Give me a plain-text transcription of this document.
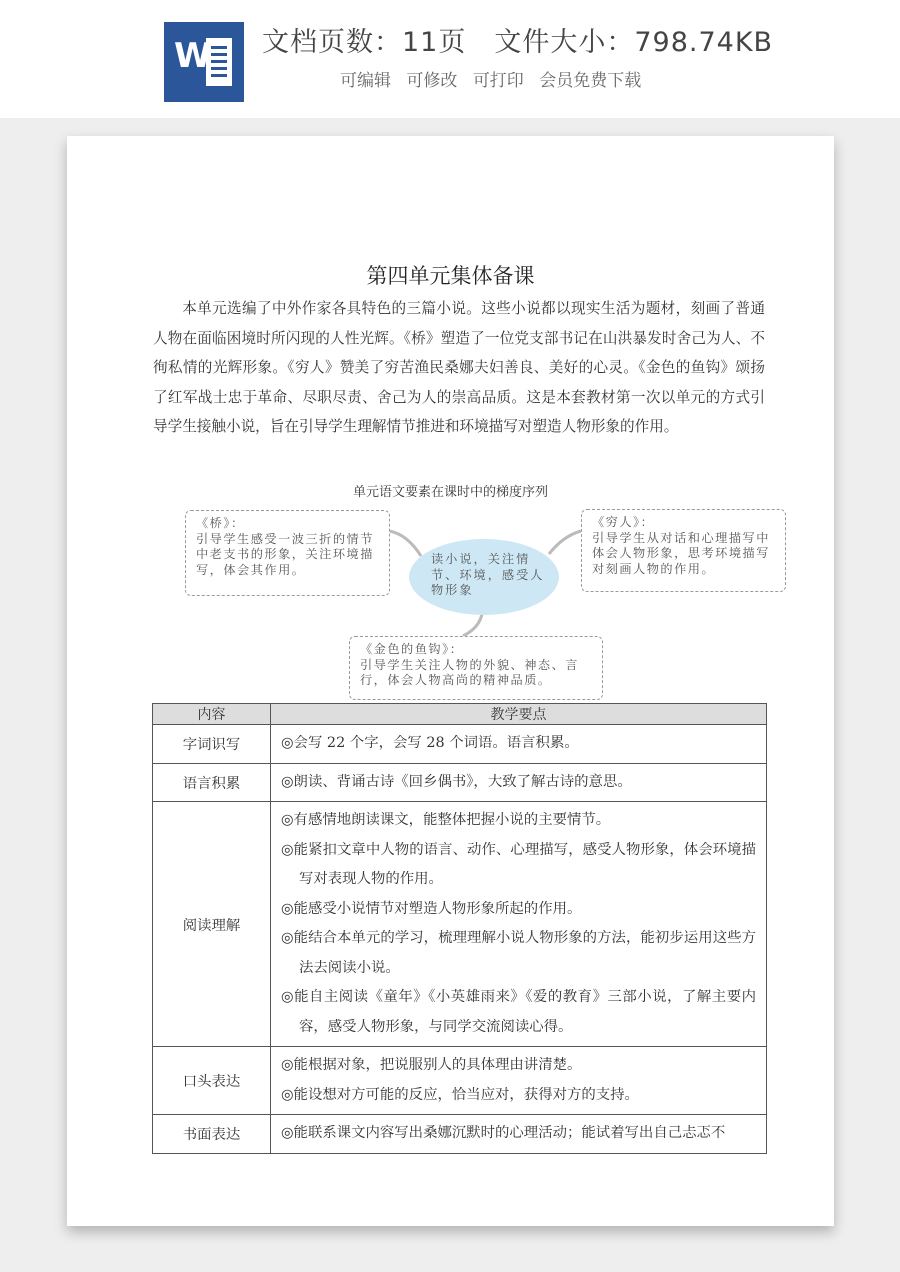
W 文档页数：11页 文件大小：798.74KB
可编辑 可修改 可打印 会员免费下载
第四单元集体备课

本单元选编了中外作家各具特色的三篇小说。这些小说都以现实生活为题材，刻画了普通人物在面临困境时所闪现的人性光辉。《桥》塑造了一位党支部书记在山洪暴发时舍己为人、不徇私情的光辉形象。《穷人》赞美了穷苦渔民桑娜夫妇善良、美好的心灵。《金色的鱼钩》颂扬了红军战士忠于革命、尽职尽责、舍己为人的崇高品质。这是本套教材第一次以单元的方式引导学生接触小说，旨在引导学生理解情节推进和环境描写对塑造人物形象的作用。

单元语文要素在课时中的梯度序列
《桥》：
引导学生感受一波三折的情节中老支书的形象，关注环境描写，体会其作用。
《穷人》：
引导学生从对话和心理描写中体会人物形象，思考环境描写对刻画人物的作用。
《金色的鱼钩》：
引导学生关注人物的外貌、神态、言行，体会人物高尚的精神品质。
读小说，关注情节、环境，感受人物形象
内容	教学要点
字词识写	◎会写 22 个字，会写 28 个词语。语言积累。

语言积累	◎朗读、背诵古诗《回乡偶书》，大致了解古诗的意思。

阅读理解	◎有感情地朗读课文，能整体把握小说的主要情节。
◎能紧扣文章中人物的语言、动作、心理描写，感受人物形象，体会环境描写对表现人物的作用。
◎能感受小说情节对塑造人物形象所起的作用。
◎能结合本单元的学习，梳理理解小说人物形象的方法，能初步运用这些方法去阅读小说。
◎能自主阅读《童年》《小英雄雨来》《爱的教育》三部小说，了解主要内容，感受人物形象，与同学交流阅读心得。

口头表达	◎能根据对象，把说服别人的具体理由讲清楚。
◎能设想对方可能的反应，恰当应对，获得对方的支持。

书面表达	◎能联系课文内容写出桑娜沉默时的心理活动；能试着写出自己忐忑不
